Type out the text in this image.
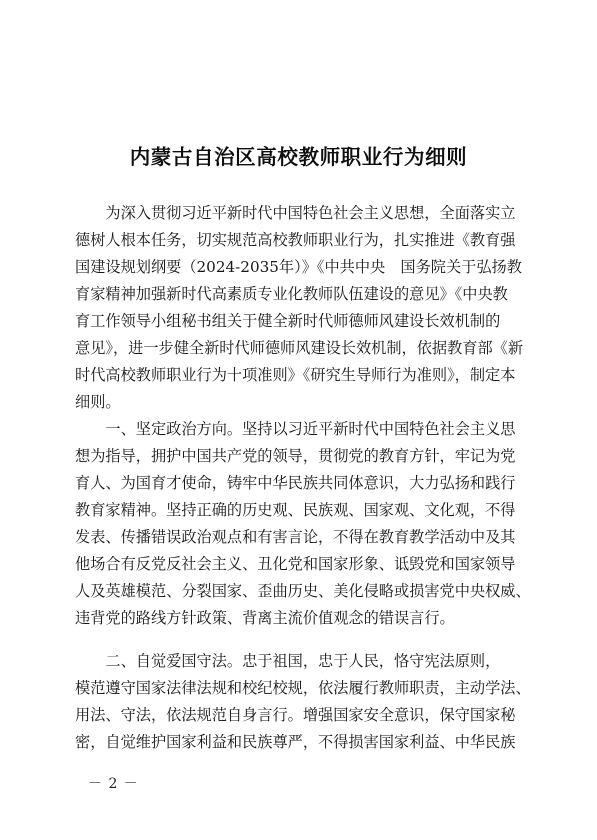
内蒙古自治区高校教师职业行为细则
　　为深入贯彻习近平新时代中国特色社会主义思想，全面落实立
德树人根本任务，切实规范高校教师职业行为，扎实推进《教育强
国建设规划纲要（2024-2035年）》《中共中央　国务院关于弘扬教
育家精神加强新时代高素质专业化教师队伍建设的意见》《中央教
育工作领导小组秘书组关于健全新时代师德师风建设长效机制的
意见》，进一步健全新时代师德师风建设长效机制，依据教育部《新
时代高校教师职业行为十项准则》《研究生导师行为准则》，制定本
细则。
　　一、坚定政治方向。坚持以习近平新时代中国特色社会主义思
想为指导，拥护中国共产党的领导，贯彻党的教育方针，牢记为党
育人、为国育才使命，铸牢中华民族共同体意识，大力弘扬和践行
教育家精神。坚持正确的历史观、民族观、国家观、文化观，不得
发表、传播错误政治观点和有害言论，不得在教育教学活动中及其
他场合有反党反社会主义、丑化党和国家形象、诋毁党和国家领导
人及英雄模范、分裂国家、歪曲历史、美化侵略或损害党中央权威、
违背党的路线方针政策、背离主流价值观念的错误言行。
　　二、自觉爱国守法。忠于祖国，忠于人民，恪守宪法原则，
模范遵守国家法律法规和校纪校规，依法履行教师职责，主动学法、
用法、守法，依法规范自身言行。增强国家安全意识，保守国家秘
密，自觉维护国家利益和民族尊严，不得损害国家利益、中华民族
－ 2 －
